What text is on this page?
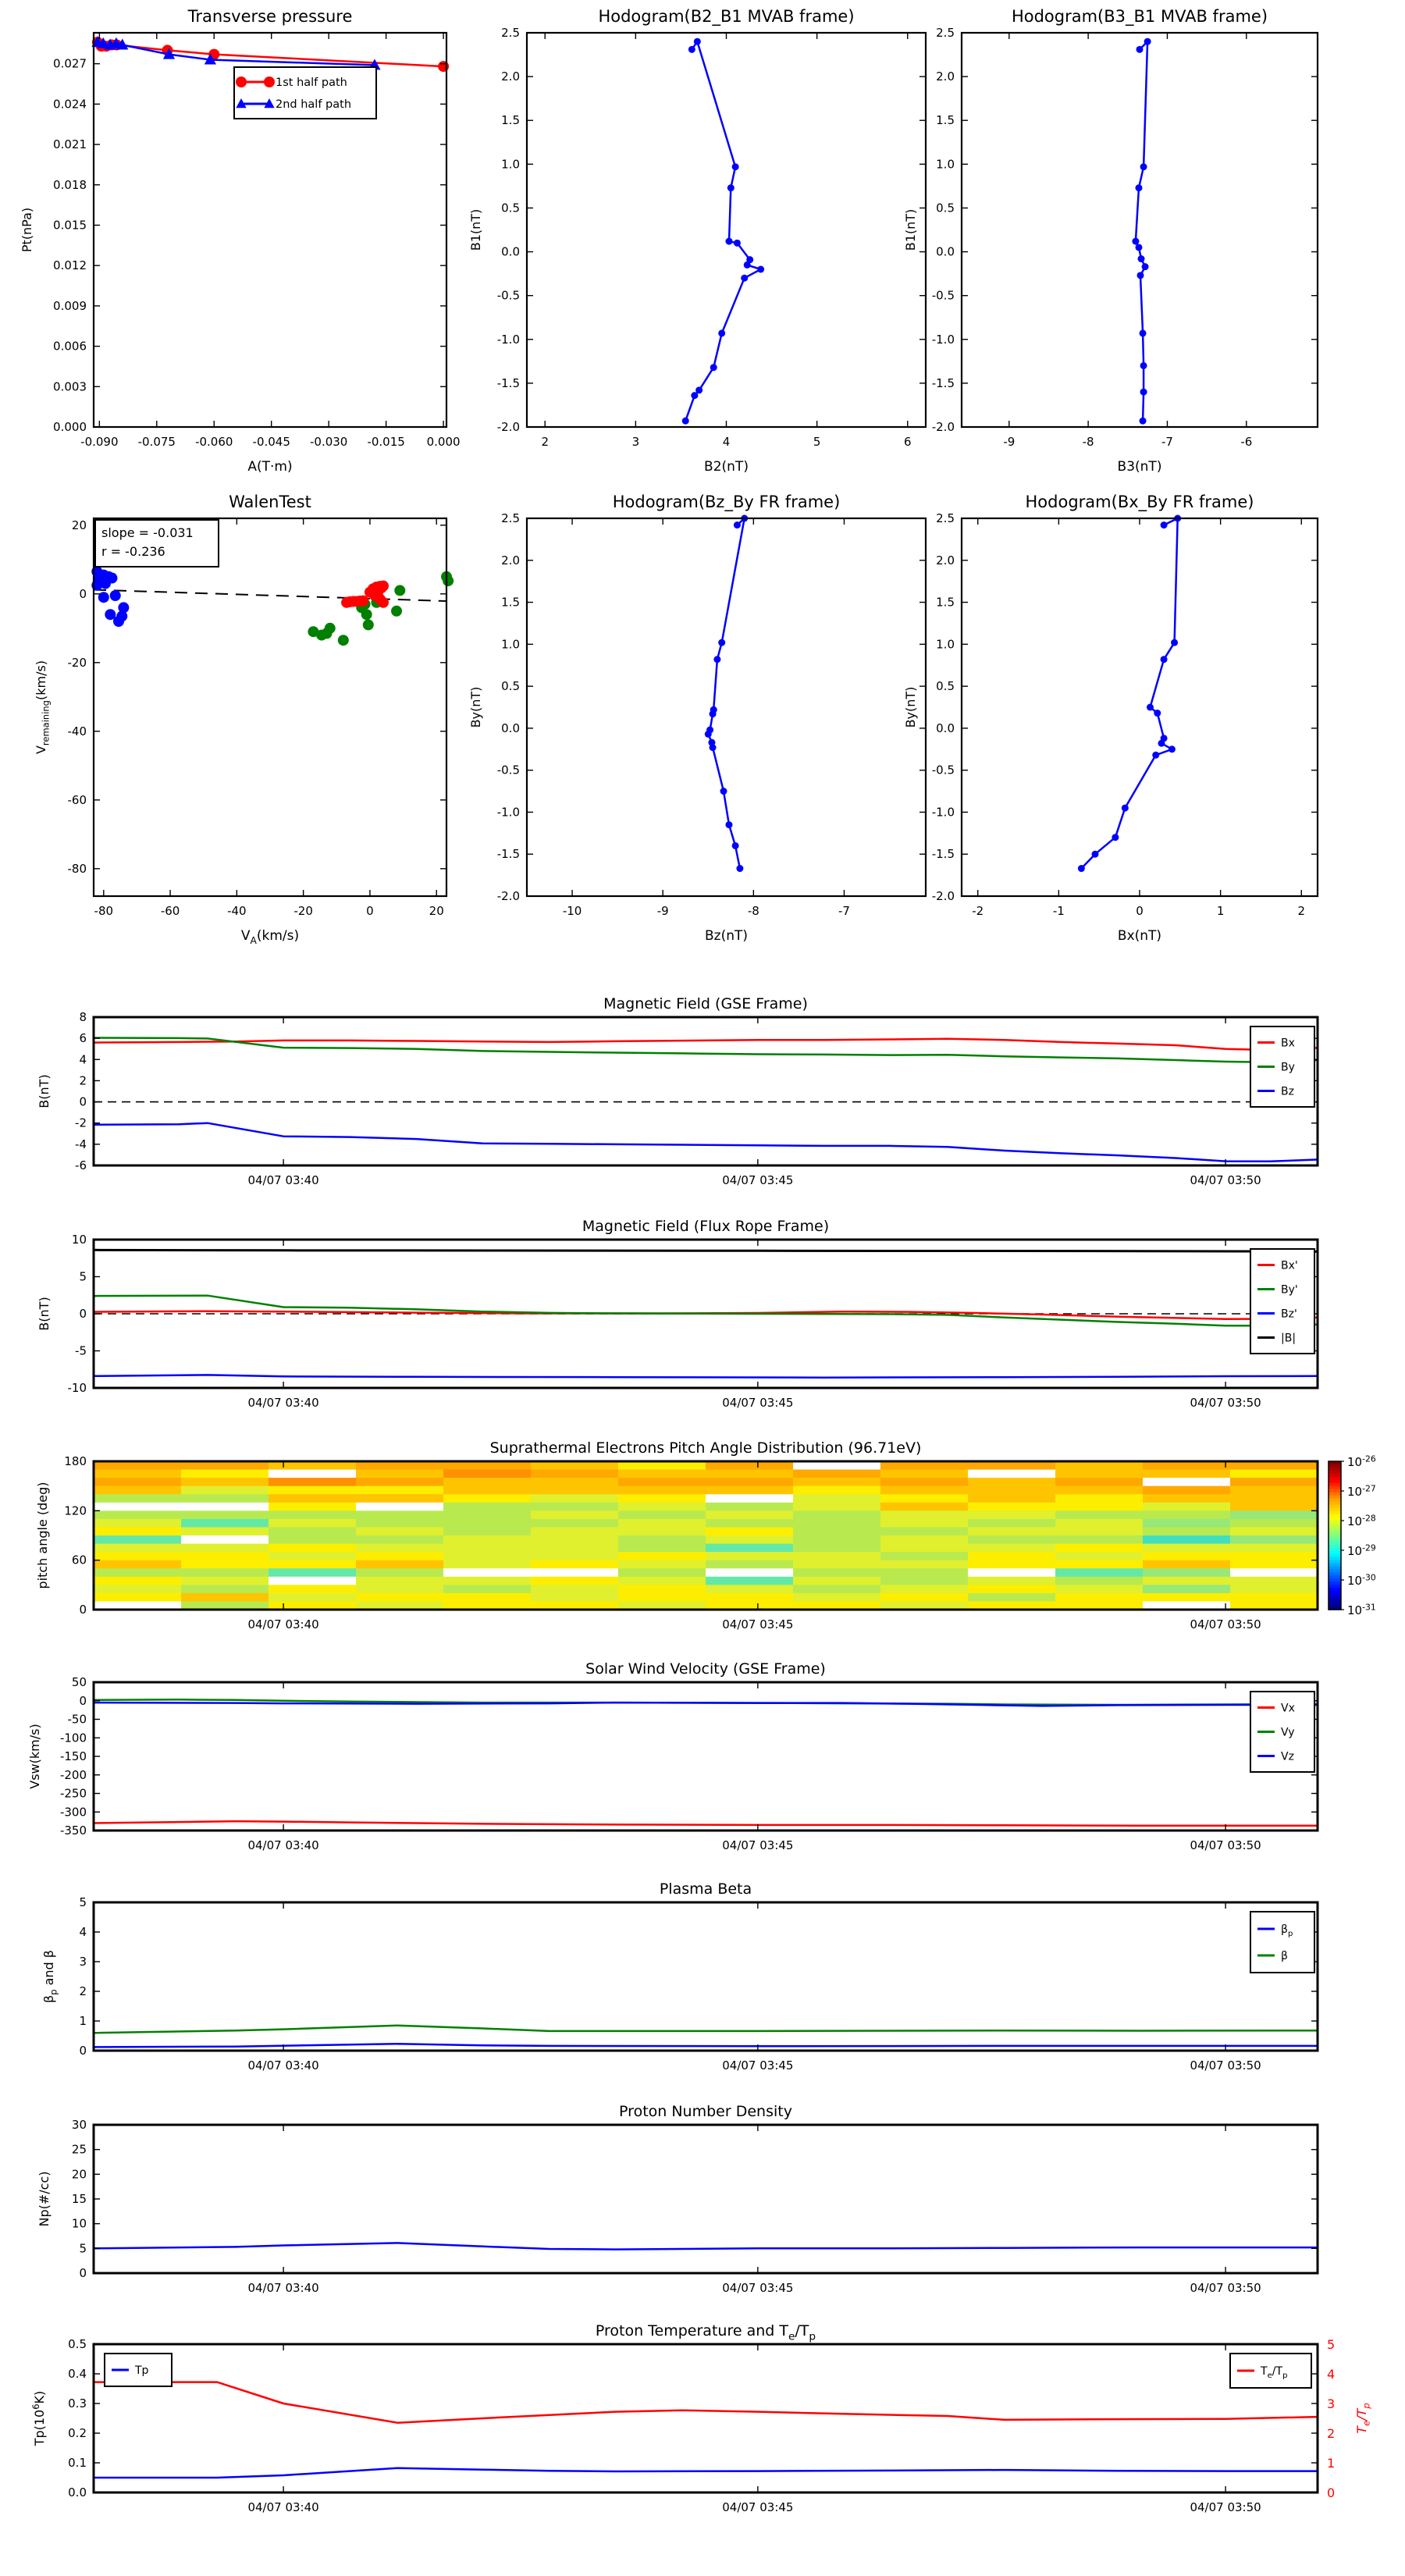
-0.090 -0.075 -0.060 -0.045 -0.030 -0.015 0.000
0.000
0.003
0.006
0.009
0.012
0.015
0.018
0.021
0.024
0.027
Transverse pressure
A(T·m)
Pt(nPa)
1st half path
2nd half path
2	3	4	5	6
-2.0
-1.5
-1.0
-0.5
0.0
0.5
1.0
1.5
2.0
2.5
Hodogram(B2_B1 MVAB frame)
B2(nT)
B1(nT)
-9	-8	-7	-6
-2.0
-1.5
-1.0
-0.5
0.0
0.5
1.0
1.5
2.0
2.5
Hodogram(B3_B1 MVAB frame)
B3(nT)
B1(nT)
-80	-60	-40	-20	0	20
-80
-60
-40
-20
0
20
WalenTest
$V_A(km/s)$
$V_{remaining}(km/s)$
slope = -0.031
r = -0.236
-10	-9	-8	-7
-2.0
-1.5
-1.0
-0.5
0.0
0.5
1.0
1.5
2.0
2.5
Hodogram(Bz_By FR frame)
Bz(nT)
By(nT)
-2	-1	0	1	2
-2.0
-1.5
-1.0
-0.5
0.0
0.5
1.0
1.5
2.0
2.5
Hodogram(Bx_By FR frame)
Bx(nT)
By(nT)
04/07 03:40	04/07 03:45	04/07 03:50
-6
-4
-2
0
2
4
6
8
Magnetic Field (GSE Frame)
B(nT)
Bx
By
Bz
04/07 03:40	04/07 03:45	04/07 03:50
-10
-5
0
5
10
Magnetic Field (Flux Rope Frame)
B(nT)
Bx'
By'
Bz'
|B|
04/07 03:40	04/07 03:45	04/07 03:50
0
60
120
180
Suprathermal Electrons Pitch Angle Distribution (96.71eV)
pitch angle (deg)
$10^{-26}$
$10^{-27}$
$10^{-28}$
$10^{-29}$
$10^{-30}$
$10^{-31}$
04/07 03:40	04/07 03:45	04/07 03:50
-350
-300
-250
-200
-150
-100
-50
0
50
Solar Wind Velocity (GSE Frame)
Vsw(km/s)
Vx
Vy
Vz
04/07 03:40	04/07 03:45	04/07 03:50
0
1
2
3
4
5
Plasma Beta
$\beta_p$ and β
$\beta_p$
β
04/07 03:40	04/07 03:45	04/07 03:50
0
5
10
15
20
25
30
Proton Number Density
Np(#/cc)
04/07 03:40	04/07 03:45	04/07 03:50
0.0
0.1
0.2
0.3
0.4
0.5
0
1
2
3
4
5
$T_e/T_p$
Proton Temperature and $T_e/T_p$
$Tp(10^6K)$
Tp	$T_e/T_p$
